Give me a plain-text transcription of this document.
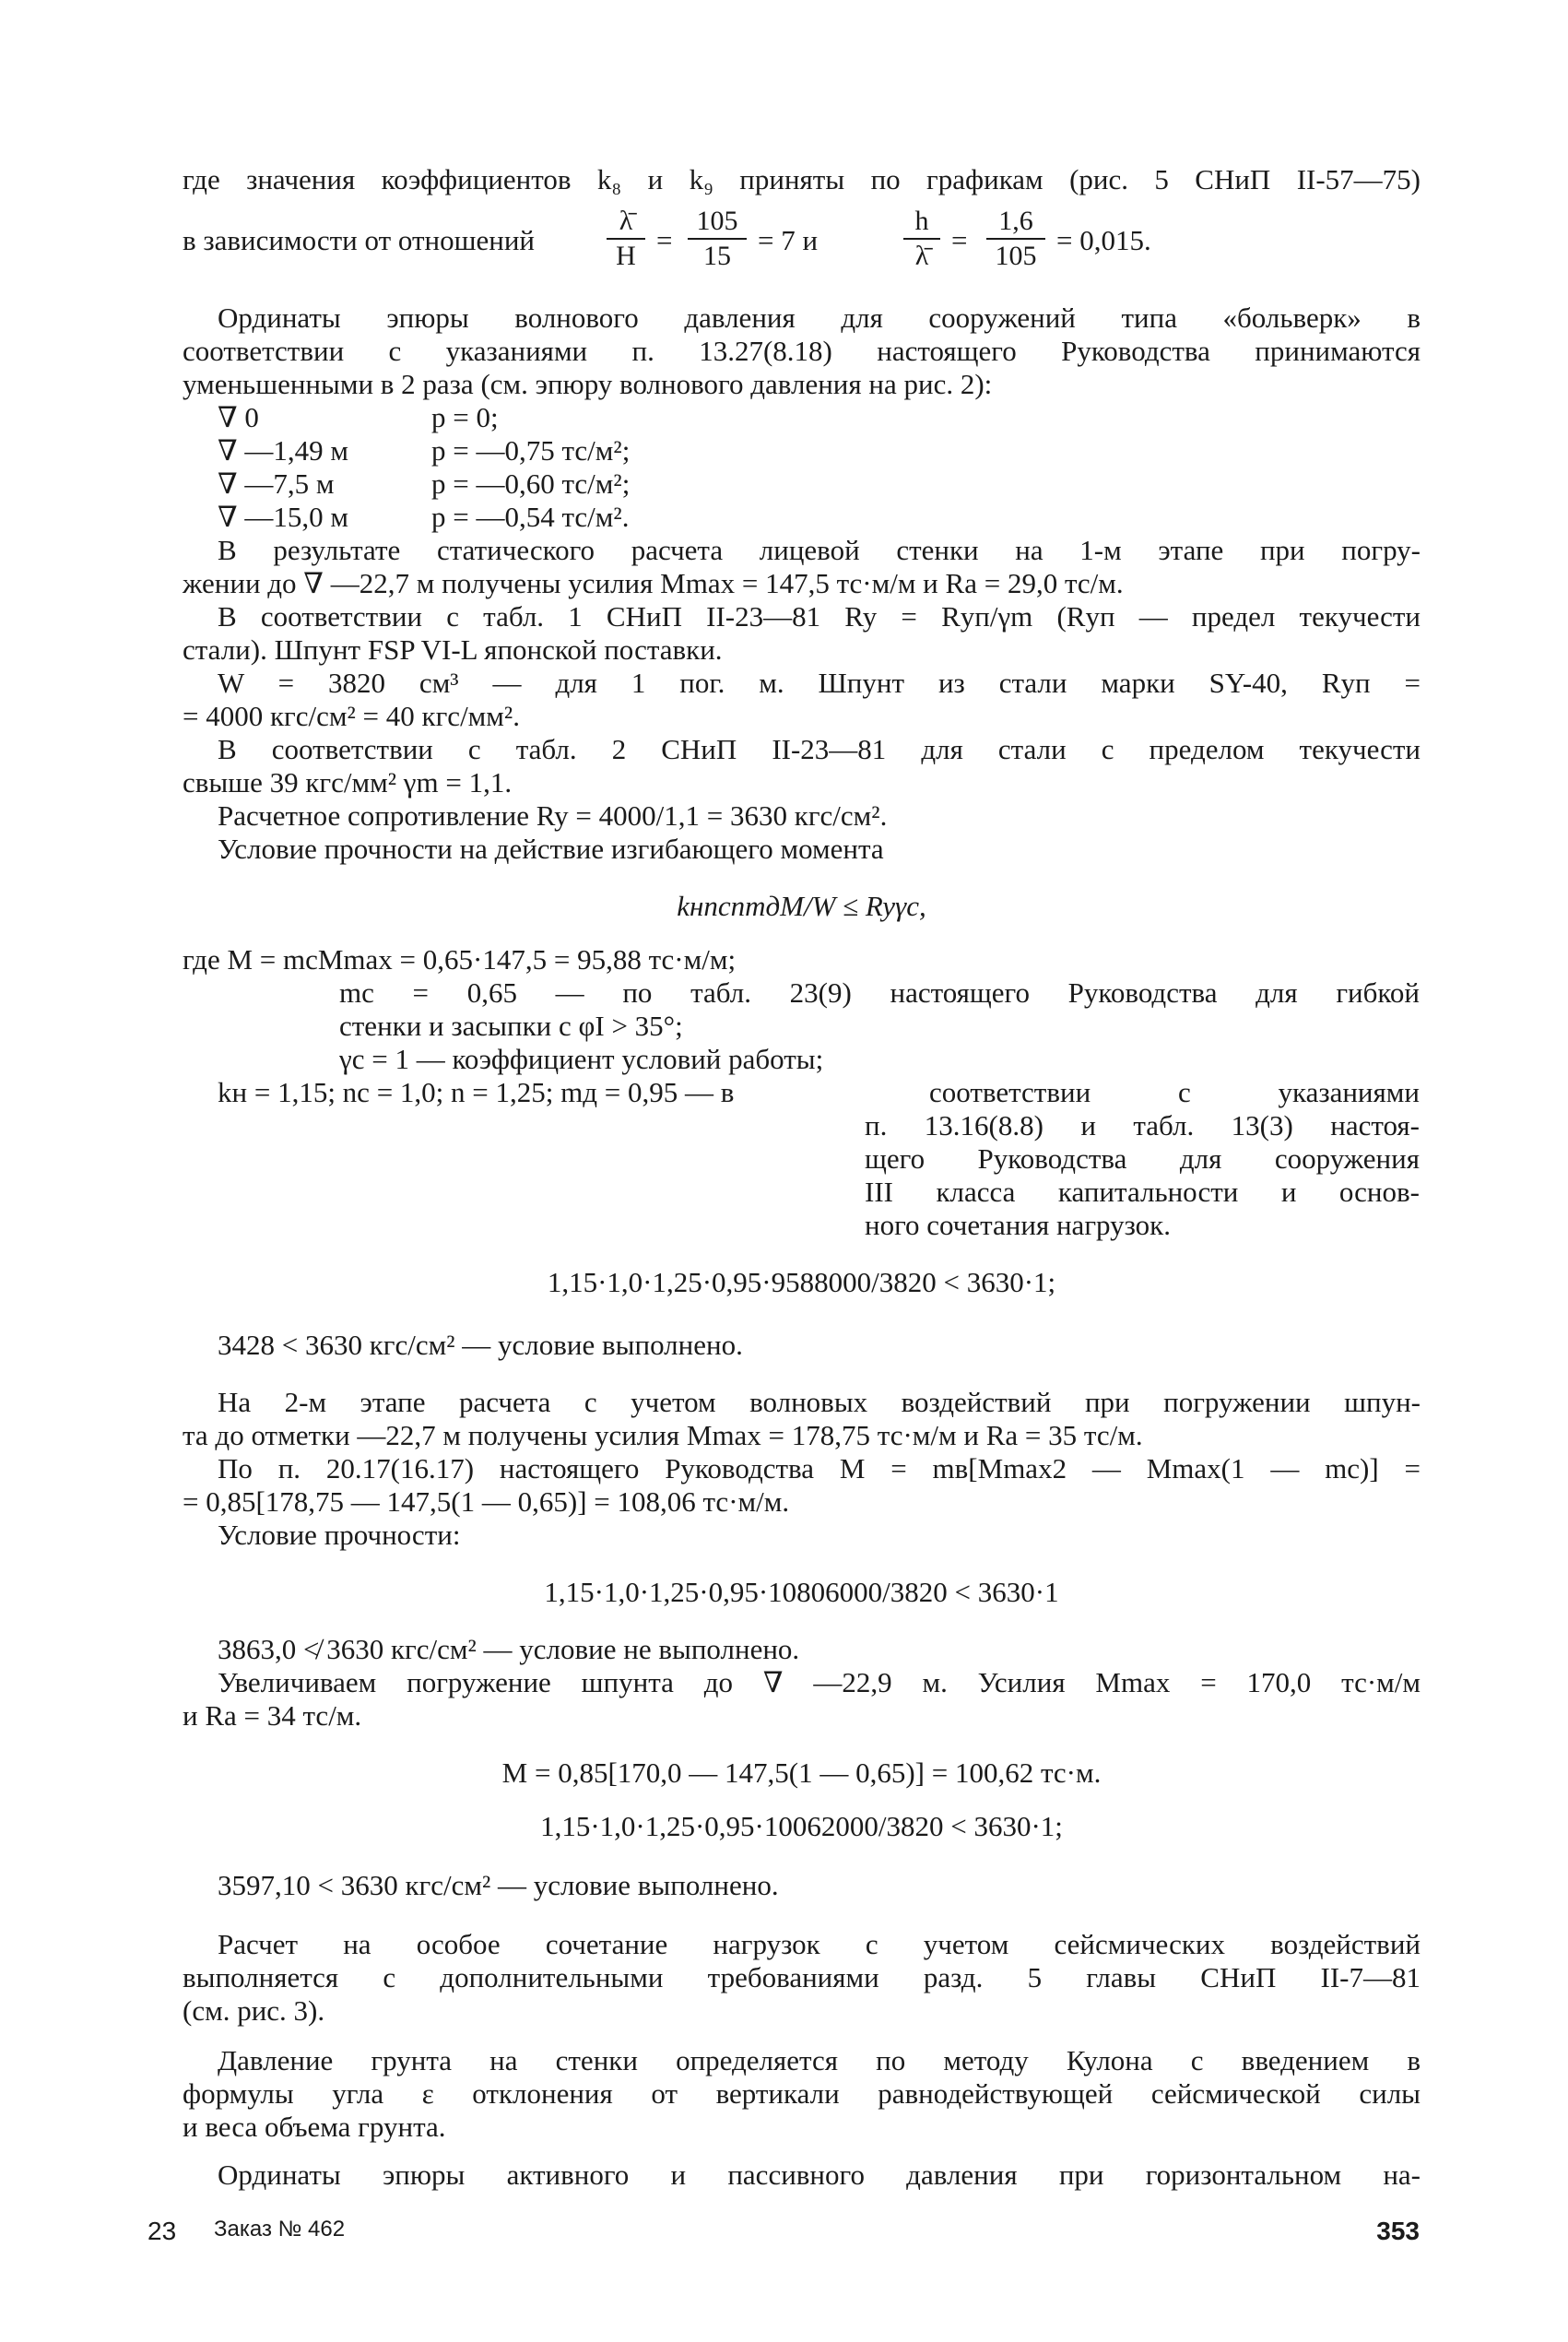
где значения коэффициентов k₈ и k₉ приняты по графикам (рис. 5 СНиП II-57—75)
в зависимости от отношений	$\frac{\lambdā}{H} = \frac{105}{15} = 7$ и	$\frac{h}{\lambdā} = \frac{1,6}{105} = 0,015$.
Ординаты эпюры волнового давления для сооружений типа «больверк» в
соответствии с указаниями п. 13.27(8.18) настоящего Руководства принимаются
уменьшенными в 2 раза (см. эпюру волнового давления на рис. 2):
∇ 0	p = 0;
∇ —1,49 м	p = —0,75 тс/м²;
∇ —7,5 м	p = —0,60 тс/м²;
∇ —15,0 м	p = —0,54 тс/м².
В результате статического расчета лицевой стенки на 1-м этапе при погру-
жении до ∇ —22,7 м получены усилия Mmax = 147,5 тс·м/м и Ra = 29,0 тс/м.
В соответствии с табл. 1 СНиП II-23—81 Ry = Rуп/γm (Rуп — предел текучести
стали). Шпунт FSP VI-L японской поставки.
W = 3820 см³ — для 1 пог. м. Шпунт из стали марки SY-40, Rуп =
= 4000 кгс/см² = 40 кгс/мм².
В соответствии с табл. 2 СНиП II-23—81 для стали с пределом текучести
свыше 39 кгс/мм² γm = 1,1.
Расчетное сопротивление Ry = 4000/1,1 = 3630 кгс/см².
Условие прочности на действие изгибающего момента
kнncnmдM/W ≤ Ryγc,
где M = mcMmax = 0,65·147,5 = 95,88 тс·м/м;
mc = 0,65 — по табл. 23(9) настоящего Руководства для гибкой
стенки и засыпки с φI > 35°;
γc = 1 — коэффициент условий работы;
kн = 1,15; nc = 1,0; n = 1,25; mд = 0,95 — в	соответствии с указаниями
п. 13.16(8.8) и табл. 13(3) настоя-
щего Руководства для сооружения
III класса капитальности и основ-
ного сочетания нагрузок.
1,15·1,0·1,25·0,95·9588000/3820 < 3630·1;
3428 < 3630 кгс/см² — условие выполнено.
На 2-м этапе расчета с учетом волновых воздействий при погружении шпун-
та до отметки —22,7 м получены усилия Mmax = 178,75 тс·м/м и Ra = 35 тс/м.
По п. 20.17(16.17) настоящего Руководства M = mв[Mmax2 — Mmax(1 — mc)] =
= 0,85[178,75 — 147,5(1 — 0,65)] = 108,06 тс·м/м.
Условие прочности:
1,15·1,0·1,25·0,95·10806000/3820 < 3630·1
3863,0 ≮ 3630 кгс/см² — условие не выполнено.
Увеличиваем погружение шпунта до ∇ —22,9 м. Усилия Mmax = 170,0 тс·м/м
и Ra = 34 тс/м.
M = 0,85[170,0 — 147,5(1 — 0,65)] = 100,62 тс·м.
1,15·1,0·1,25·0,95·10062000/3820 < 3630·1;
3597,10 < 3630 кгс/см² — условие выполнено.
Расчет на особое сочетание нагрузок с учетом сейсмических воздействий
выполняется с дополнительными требованиями разд. 5 главы СНиП II-7—81
(см. рис. 3).
Давление грунта на стенки определяется по методу Кулона с введением в
формулы угла ε отклонения от вертикали равнодействующей сейсмической силы
и веса объема грунта.
Ординаты эпюры активного и пассивного давления при горизонтальном на-
23 Заказ № 462	353
